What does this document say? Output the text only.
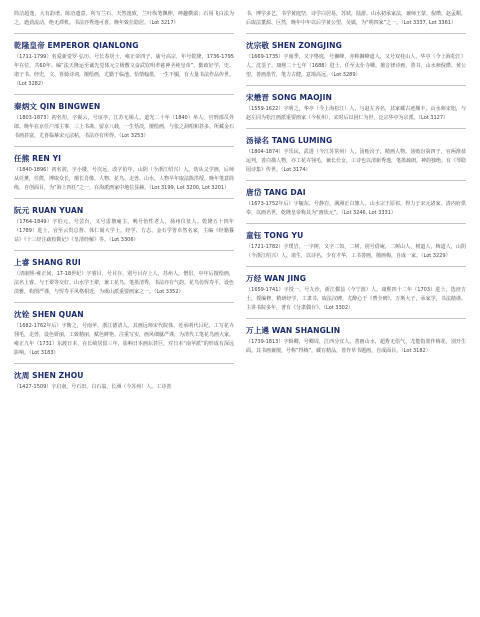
简洁超逸，大有韵谱。陈洽遗意。所写兰石，天然逸致，兰叶纵笔飘伸，神趣横溢；石用飞白法为之，遒劲流动，绝无滞机。书法亦秀逸可喜。晚年致仕隐居。（Lot 3217）

乾隆皇帝 EMPEROR QIANLONG

（1711-1799）名爱新觉罗·弘历，号长春居士，雍正帝四子，庙号高宗，年号乾隆，1736-1795年在位，共60年。编“法天隆运至诚先觉体元立极敷文奋武钦明孝慈神圣纯皇帝”。勤政好学，史、诸子书、经史，文、喜骑诗词，擅绘画，尤勤于临池。恰情翰墨，一生不辍，有大量书法作品传世。（Lot 3282）

秦炳文 QIN BINGWEN

（1803-1873）初名烜，字砚云，号谊亭，江苏无锡人。道光二十年（1840）举人，官刑部员外郎。晚年在京任户部主事、三上书斋，留京八载，一生恬淡，擅绘画，与张之洞唱和甚多。所藏金石书画甚富，尤喜临摹宋元法帖，书法亦有所得。（Lot 3253）

任熊 REN YI

（1840-1896）初名润，字小楼，号次远，改字伯年，山阴（今浙江绍兴）人。幼从父学画，后师从任薰，任熊，博取众长，擅长肖像、人物、花鸟、走兽、山水，人物早年取法陈洪绶，晚年笔意简练，自创面目，为“海上四任”之一，在海派画家中地位显赫。（Lot 3199, Lot 3200, Lot 3201）

阮元 RUAN YUAN

（1764-1849）字伯元，号芸台，又号雷塘庵主，晚号怡性老人，扬州仪征人。乾隆五十四年（1789）进士，官至云贵总督、体仁阁大学士。经学、方志、金石学皆卓然名家，主编《经籍籑诂》《十三经注疏校勘记》《皇清经解》等。（Lot 3306）

上睿 SHANG RUI

（清康熙-雍正间，17-18世纪）字睿目，号目存，别号目存上人，苏州人，僧侣，中年后擅绘画，法名上睿。与王翚等交好。山水学王翚，兼工花鸟，笔墨清秀，书法亦有气韵。花鸟仿恽寿平，设色淡雅，构图严谨，与恽寿平风格相近，为虞山派重要画家之一。（Lot 3352）

沈铨 SHEN QUAN

（1682-1762年后）字衡之，号南苹，浙江德清人。其画远师宋代院体，近承明代吕纪，工写花卉翎毛，走兽，设色妍丽，工致精丽，赋色鲜艳。注重写实，画风细腻严谨，为清代工笔花鸟画大家。雍正九年（1731）东渡日本，在长崎居留三年，影响日本画坛甚巨，对日本“南苹派”的形成有深远影响。（Lot 3183）

沈周 SHEN ZHOU

（1427-1509）字启南，号石田，白石翁，长洲（今苏州）人。工诗善

书，博学多艺，书学黄庭坚，诗学白居易，苏轼，陆游。山水初承家法，兼师王蒙、倪瓒、赵孟頫，后取法董源、巨然，晚年中年以后学黄公望、吴镇，为“明四家”之一。（Lot 3337, Lot 3361）

沈宗敬 SHEN ZONGJING

（1669-1735）字南季，又字恪庭，号狮峰，亦称狮峰道人，又号双桂山人，华亭（今上海松江）人。沈荃子。康熙二十七年（1688）进士，任至太仆寺卿。擅音律诗画，善书，山水师倪瓒、黄公望，善画墨竹，笔力古健，意境高远。（Lot 3289）

宋懋晋 SONG MAOJIN

（1559-1622）字明之，华亭（今上海松江）人，与赵左齐名，其家藏古迹颇丰，山水师宋旭，与赵左同为松江画派重要画家（今杭州），宋时后以因仁为世，泛宗华亭为宗派。（Lot 3127）

汤禄名 TANG LUMING

（1804-1874）字乐民，武进（今江苏常州）人，汤贻汾子，精画人物。汤贻汾第四子，官两淮盐运判，善白描人物，亦工花卉翎毛，兼长仕女，工诗也以清新秀逸，笔墨疏朗，神韵独绝。有《琴隐园诗集》传世。（Lot 3174）

唐岱 TANG DAI

（1673-1752年后）字毓东，号静岩，满洲正白旗人。山水宗王原祁，得力于宋元诸家。清内府供奉，以画名世，乾隆皇帝称其为“画状元”。（Lot 3246, Lot 3331）

童钰 TONG YU

（1721-1782）字璞岩，一字树，又字二如，二树，别号借庵，二树山人，树道人，梅道人，山阴（今浙江绍兴）人。诸生，以诗名，少有才华，工书善画，擅画梅，自成一家。（Lot 3229）

万经 WAN JING

（1659-1741）字授一，号九沙，浙江鄞县（今宁波）人。康熙四十二年（1703）进士，选庶吉士，授编修，精研经学，工隶书，取法汉碑，尤醉心于《曹全碑》。万斯大子，承家学，书法精谨。主讲书院多年，著有《分隶偶存》。（Lot 3302）

万上遴 WAN SHANGLIN

（1739-1813）字辑卿，号卿周，江西分宜人。善画山水，超秀无俗气，尤能指墨作梅花，别开生面。其书画兼擅，号称“得梅”，藏有精品，善作草书题画，自成面目。（Lot 3182）
